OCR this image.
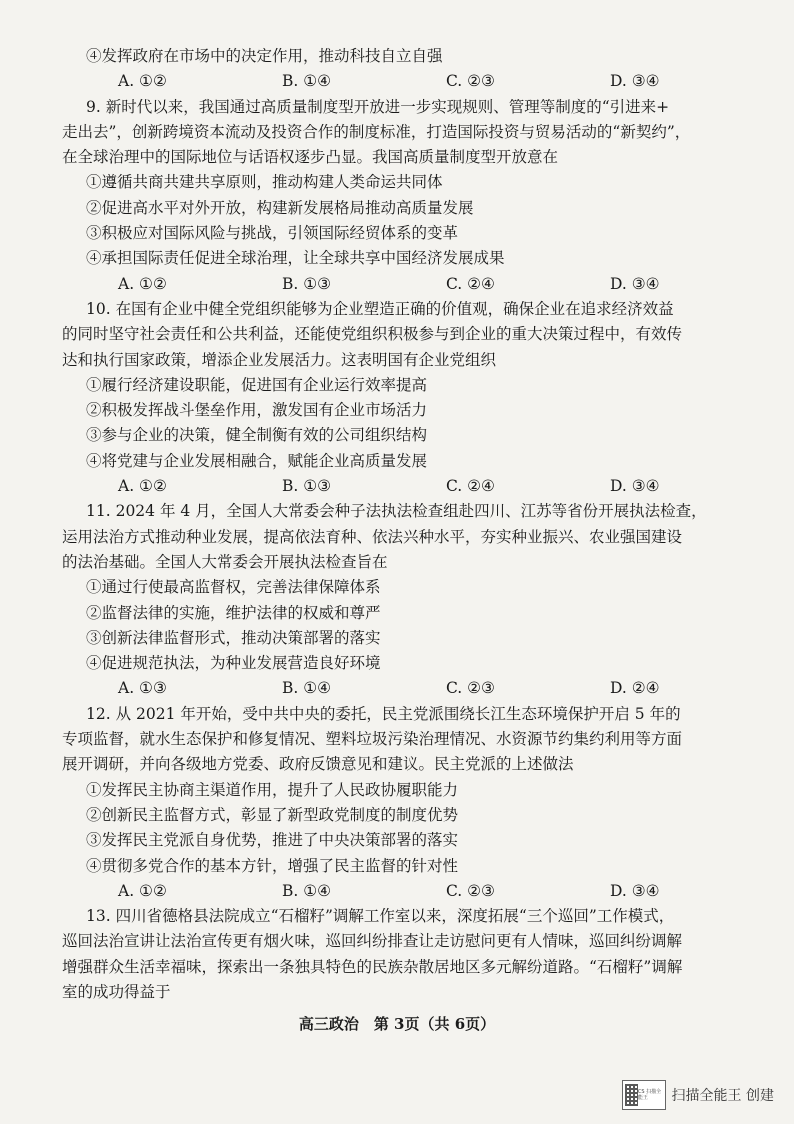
④发挥政府在市场中的决定作用，推动科技自立自强
A. ①②	B. ①④	C. ②③	D. ③④
9. 新时代以来，我国通过高质量制度型开放进一步实现规则、管理等制度的“引进来+
走出去”，创新跨境资本流动及投资合作的制度标准，打造国际投资与贸易活动的“新契约”，
在全球治理中的国际地位与话语权逐步凸显。我国高质量制度型开放意在
①遵循共商共建共享原则，推动构建人类命运共同体
②促进高水平对外开放，构建新发展格局推动高质量发展
③积极应对国际风险与挑战，引领国际经贸体系的变革
④承担国际责任促进全球治理，让全球共享中国经济发展成果
A. ①②	B. ①③	C. ②④	D. ③④
10. 在国有企业中健全党组织能够为企业塑造正确的价值观，确保企业在追求经济效益
的同时坚守社会责任和公共利益，还能使党组织积极参与到企业的重大决策过程中，有效传
达和执行国家政策，增添企业发展活力。这表明国有企业党组织
①履行经济建设职能，促进国有企业运行效率提高
②积极发挥战斗堡垒作用，激发国有企业市场活力
③参与企业的决策，健全制衡有效的公司组织结构
④将党建与企业发展相融合，赋能企业高质量发展
A. ①②	B. ①③	C. ②④	D. ③④
11. 2024 年 4 月，全国人大常委会种子法执法检查组赴四川、江苏等省份开展执法检查，
运用法治方式推动种业发展，提高依法育种、依法兴种水平，夯实种业振兴、农业强国建设
的法治基础。全国人大常委会开展执法检查旨在
①通过行使最高监督权，完善法律保障体系
②监督法律的实施，维护法律的权威和尊严
③创新法律监督形式，推动决策部署的落实
④促进规范执法，为种业发展营造良好环境
A. ①③	B. ①④	C. ②③	D. ②④
12. 从 2021 年开始，受中共中央的委托，民主党派围绕长江生态环境保护开启 5 年的
专项监督，就水生态保护和修复情况、塑料垃圾污染治理情况、水资源节约集约利用等方面
展开调研，并向各级地方党委、政府反馈意见和建议。民主党派的上述做法
①发挥民主协商主渠道作用，提升了人民政协履职能力
②创新民主监督方式，彰显了新型政党制度的制度优势
③发挥民主党派自身优势，推进了中央决策部署的落实
④贯彻多党合作的基本方针，增强了民主监督的针对性
A. ①②	B. ①④	C. ②③	D. ③④
13. 四川省德格县法院成立“石榴籽”调解工作室以来，深度拓展“三个巡回”工作模式，
巡回法治宣讲让法治宣传更有烟火味，巡回纠纷排查让走访慰问更有人情味，巡回纠纷调解
增强群众生活幸福味，探索出一条独具特色的民族杂散居地区多元解纷道路。“石榴籽”调解
室的成功得益于
高三政治　第 3页（共 6页）
CS 扫描全能王	扫描全能王 创建
